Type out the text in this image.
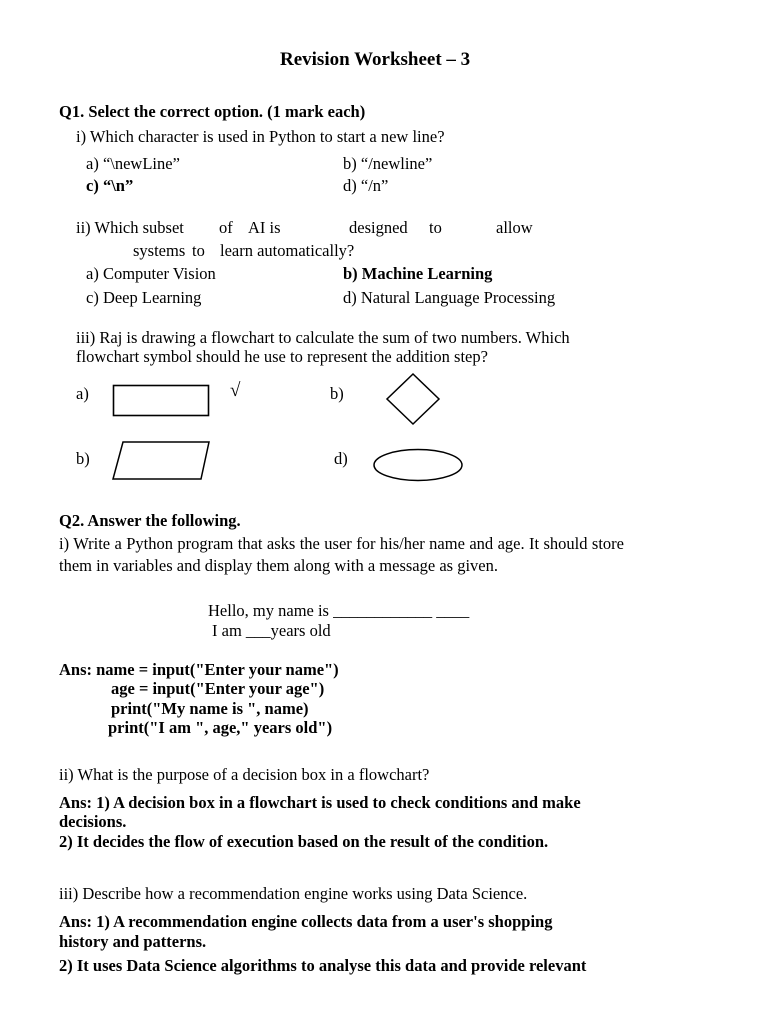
Revision Worksheet – 3
Q1. Select the correct option. (1 mark each)
i) Which character is used in Python to start a new line?
a) “\newLine”	b) “/newline”
c) “\n”	d) “/n”
ii) Which subset of AI is	designed to	allow
systems to learn automatically?
a) Computer Vision	b) Machine Learning
c) Deep Learning	d) Natural Language Processing
iii) Raj is drawing a flowchart to calculate the sum of two numbers. Which
flowchart symbol should he use to represent the addition step?
a)	√	b)
b)	d)
Q2. Answer the following.
i) Write a Python program that asks the user for his/her name and age. It should store them in variables and display them along with a message as given.
Hello, my name is ____________ ____
I am ___years old
Ans: name = input("Enter your name")
age = input("Enter your age")
print("My name is ", name)
print("I am ", age," years old")
ii) What is the purpose of a decision box in a flowchart?
Ans: 1) A decision box in a flowchart is used to check conditions and make
decisions.
2) It decides the flow of execution based on the result of the condition.
iii) Describe how a recommendation engine works using Data Science.
Ans: 1) A recommendation engine collects data from a user's shopping
history and patterns.
2) It uses Data Science algorithms to analyse this data and provide relevant
